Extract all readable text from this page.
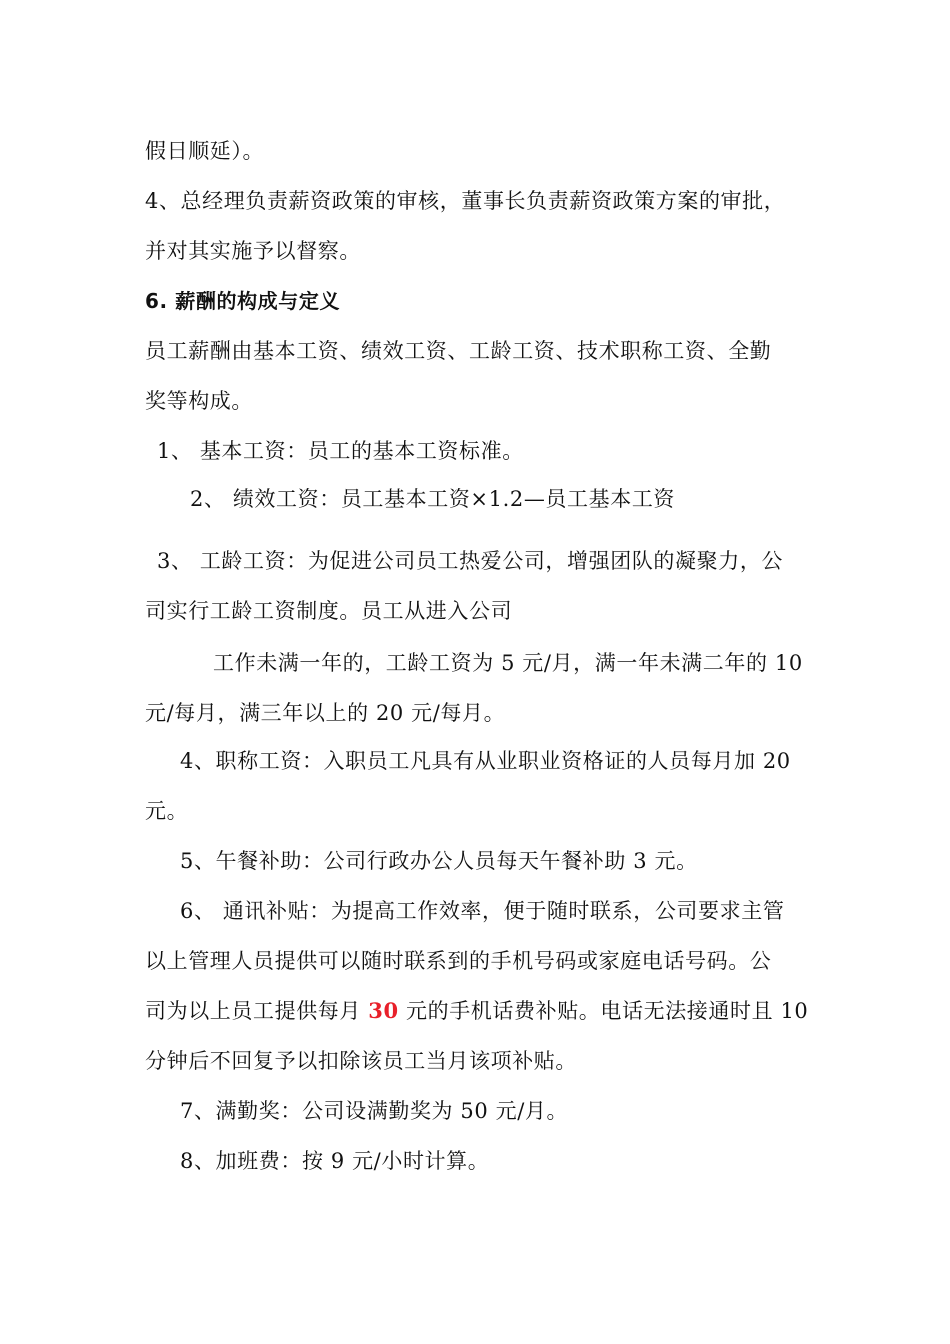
假日顺延）。
4、总经理负责薪资政策的审核，董事长负责薪资政策方案的审批，
并对其实施予以督察。
6. 薪酬的构成与定义
员工薪酬由基本工资、绩效工资、工龄工资、技术职称工资、全勤
奖等构成。
1、 基本工资：员工的基本工资标准。
2、 绩效工资：员工基本工资×1.2—员工基本工资
3、 工龄工资：为促进公司员工热爱公司，增强团队的凝聚力，公
司实行工龄工资制度。员工从进入公司
工作未满一年的，工龄工资为 5 元/月，满一年未满二年的 10
元/每月，满三年以上的 20 元/每月。
4、职称工资：入职员工凡具有从业职业资格证的人员每月加 20
元。
5、午餐补助：公司行政办公人员每天午餐补助 3 元。
6、 通讯补贴：为提高工作效率，便于随时联系，公司要求主管
以上管理人员提供可以随时联系到的手机号码或家庭电话号码。公
司为以上员工提供每月 30 元的手机话费补贴。电话无法接通时且 10
分钟后不回复予以扣除该员工当月该项补贴。
7、满勤奖：公司设满勤奖为 50 元/月。
8、加班费：按 9 元/小时计算。
